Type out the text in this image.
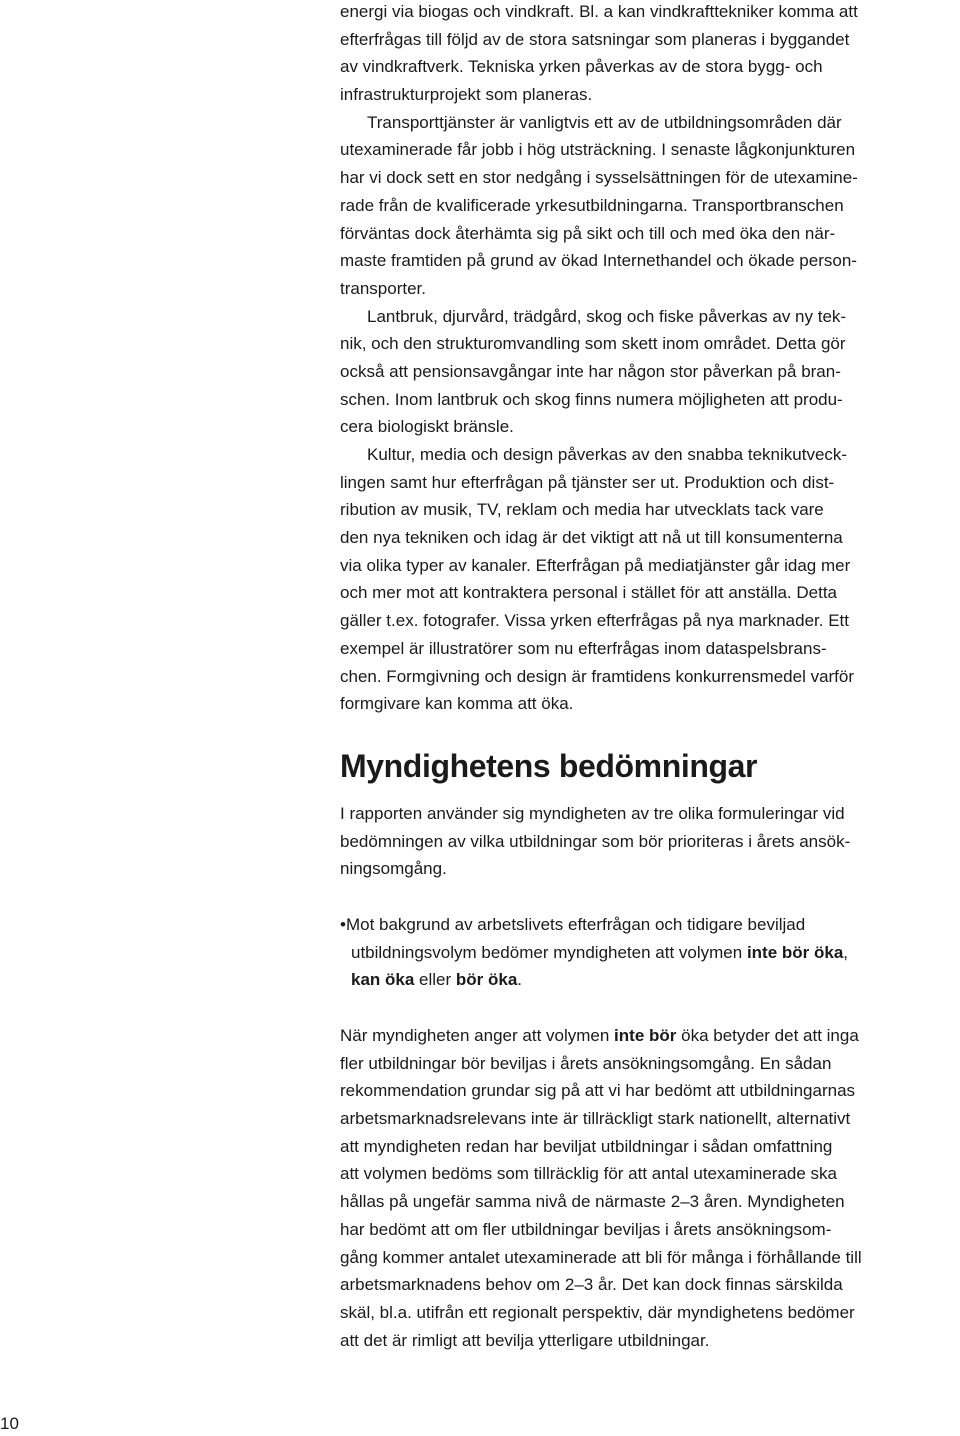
energi via biogas och vindkraft. Bl. a kan vindkrafttekniker komma att
efterfrågas till följd av de stora satsningar som planeras i byggandet
av vindkraftverk. Tekniska yrken påverkas av de stora bygg- och
infrastrukturprojekt som planeras.
Transporttjänster är vanligtvis ett av de utbildningsområden där
utexaminerade får jobb i hög utsträckning. I senaste lågkonjunkturen
har vi dock sett en stor nedgång i sysselsättningen för de utexamine-
rade från de kvalificerade yrkesutbildningarna. Transportbranschen
förväntas dock återhämta sig på sikt och till och med öka den när-
maste framtiden på grund av ökad Internethandel och ökade person-
transporter.
Lantbruk, djurvård, trädgård, skog och fiske påverkas av ny tek-
nik, och den strukturomvandling som skett inom området. Detta gör
också att pensionsavgångar inte har någon stor påverkan på bran-
schen. Inom lantbruk och skog finns numera möjligheten att produ-
cera biologiskt bränsle.
Kultur, media och design påverkas av den snabba teknikutveck-
lingen samt hur efterfrågan på tjänster ser ut. Produktion och dist-
ribution av musik, TV, reklam och media har utvecklats tack vare
den nya tekniken och idag är det viktigt att nå ut till konsumenterna
via olika typer av kanaler. Efterfrågan på mediatjänster går idag mer
och mer mot att kontraktera personal i stället för att anställa. Detta
gäller t.ex. fotografer. Vissa yrken efterfrågas på nya marknader. Ett
exempel är illustratörer som nu efterfrågas inom dataspelsbrans-
chen. Formgivning och design är framtidens konkurrensmedel varför
formgivare kan komma att öka.
Myndighetens bedömningar
I rapporten använder sig myndigheten av tre olika formuleringar vid
bedömningen av vilka utbildningar som bör prioriteras i årets ansök-
ningsomgång.
•Mot bakgrund av arbetslivets efterfrågan och tidigare beviljad
utbildningsvolym bedömer myndigheten att volymen inte bör öka,
kan öka eller bör öka.
När myndigheten anger att volymen inte bör öka betyder det att inga
fler utbildningar bör beviljas i årets ansökningsomgång. En sådan
rekommendation grundar sig på att vi har bedömt att utbildningarnas
arbetsmarknadsrelevans inte är tillräckligt stark nationellt, alternativt
att myndigheten redan har beviljat utbildningar i sådan omfattning
att volymen bedöms som tillräcklig för att antal utexaminerade ska
hållas på ungefär samma nivå de närmaste 2–3 åren. Myndigheten
har bedömt att om fler utbildningar beviljas i årets ansökningsom-
gång kommer antalet utexaminerade att bli för många i förhållande till
arbetsmarknadens behov om 2–3 år. Det kan dock finnas särskilda
skäl, bl.a. utifrån ett regionalt perspektiv, där myndighetens bedömer
att det är rimligt att bevilja ytterligare utbildningar.
10
